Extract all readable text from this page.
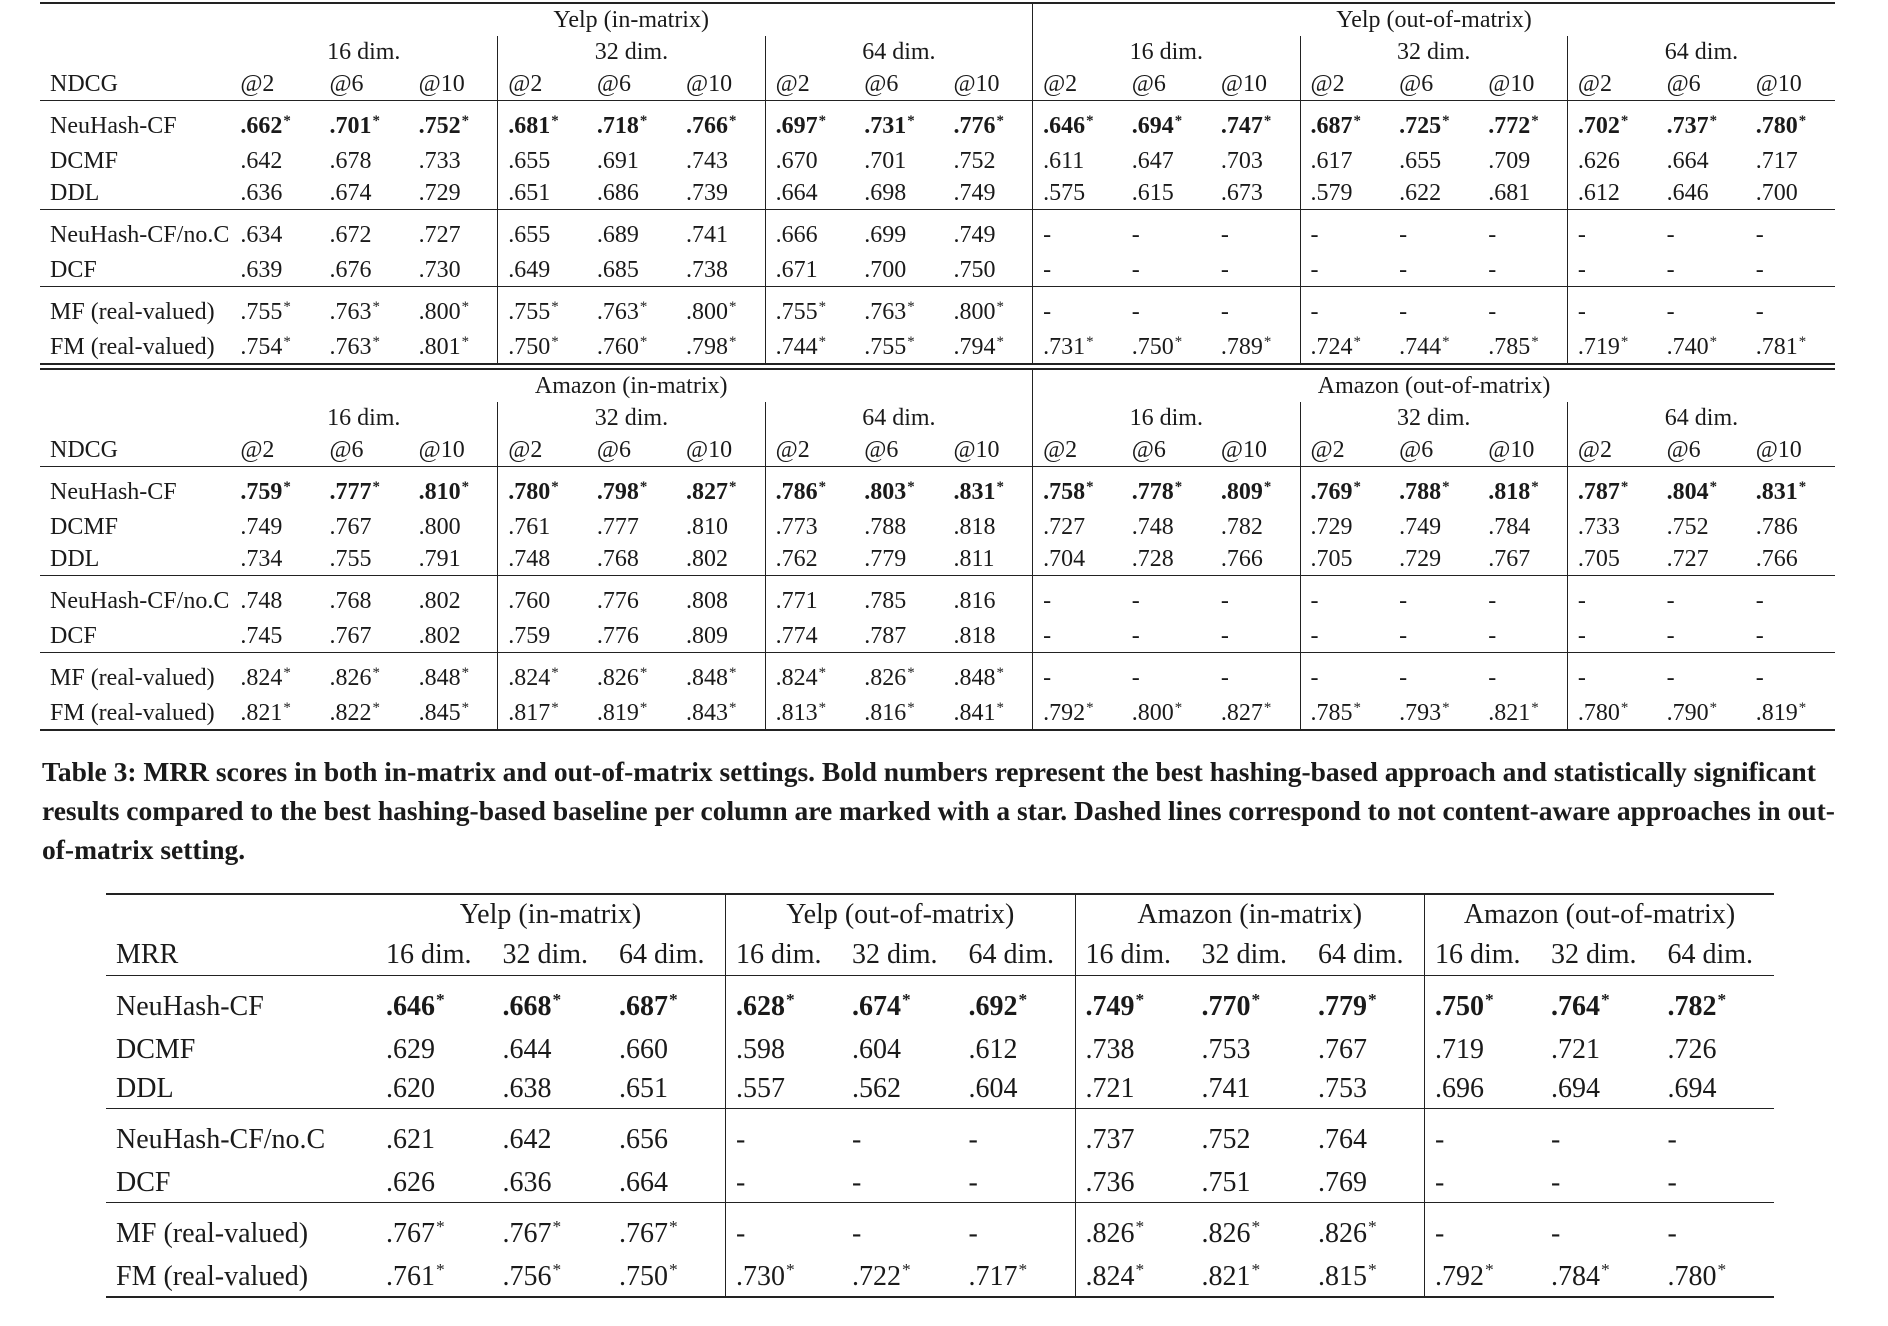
	Yelp (in-matrix)									Yelp (out-of-matrix)								
	16 dim.			32 dim.			64 dim.			16 dim.			32 dim.			64 dim.		
NDCG	@2	@6	@10	@2	@6	@10	@2	@6	@10	@2	@6	@10	@2	@6	@10	@2	@6	@10
NeuHash-CF	.662*	.701*	.752*	.681*	.718*	.766*	.697*	.731*	.776*	.646*	.694*	.747*	.687*	.725*	.772*	.702*	.737*	.780*
DCMF	.642	.678	.733	.655	.691	.743	.670	.701	.752	.611	.647	.703	.617	.655	.709	.626	.664	.717
DDL	.636	.674	.729	.651	.686	.739	.664	.698	.749	.575	.615	.673	.579	.622	.681	.612	.646	.700
NeuHash-CF/no.C	.634	.672	.727	.655	.689	.741	.666	.699	.749	-	-	-	-	-	-	-	-	-
DCF	.639	.676	.730	.649	.685	.738	.671	.700	.750	-	-	-	-	-	-	-	-	-
MF (real-valued)	.755*	.763*	.800*	.755*	.763*	.800*	.755*	.763*	.800*	-	-	-	-	-	-	-	-	-
FM (real-valued)	.754*	.763*	.801*	.750*	.760*	.798*	.744*	.755*	.794*	.731*	.750*	.789*	.724*	.744*	.785*	.719*	.740*	.781*
	Amazon (in-matrix)									Amazon (out-of-matrix)								
	16 dim.			32 dim.			64 dim.			16 dim.			32 dim.			64 dim.		
NDCG	@2	@6	@10	@2	@6	@10	@2	@6	@10	@2	@6	@10	@2	@6	@10	@2	@6	@10
NeuHash-CF	.759*	.777*	.810*	.780*	.798*	.827*	.786*	.803*	.831*	.758*	.778*	.809*	.769*	.788*	.818*	.787*	.804*	.831*
DCMF	.749	.767	.800	.761	.777	.810	.773	.788	.818	.727	.748	.782	.729	.749	.784	.733	.752	.786
DDL	.734	.755	.791	.748	.768	.802	.762	.779	.811	.704	.728	.766	.705	.729	.767	.705	.727	.766
NeuHash-CF/no.C	.748	.768	.802	.760	.776	.808	.771	.785	.816	-	-	-	-	-	-	-	-	-
DCF	.745	.767	.802	.759	.776	.809	.774	.787	.818	-	-	-	-	-	-	-	-	-
MF (real-valued)	.824*	.826*	.848*	.824*	.826*	.848*	.824*	.826*	.848*	-	-	-	-	-	-	-	-	-
FM (real-valued)	.821*	.822*	.845*	.817*	.819*	.843*	.813*	.816*	.841*	.792*	.800*	.827*	.785*	.793*	.821*	.780*	.790*	.819*
Table 3: MRR scores in both in-matrix and out-of-matrix settings. Bold numbers represent the best hashing-based approach and statistically significant results compared to the best hashing-based baseline per column are marked with a star. Dashed lines correspond to not content-aware approaches in out-of-matrix setting.
	Yelp (in-matrix)			Yelp (out-of-matrix)			Amazon (in-matrix)			Amazon (out-of-matrix)		
MRR	16 dim.	32 dim.	64 dim.	16 dim.	32 dim.	64 dim.	16 dim.	32 dim.	64 dim.	16 dim.	32 dim.	64 dim.
NeuHash-CF	.646*	.668*	.687*	.628*	.674*	.692*	.749*	.770*	.779*	.750*	.764*	.782*
DCMF	.629	.644	.660	.598	.604	.612	.738	.753	.767	.719	.721	.726
DDL	.620	.638	.651	.557	.562	.604	.721	.741	.753	.696	.694	.694
NeuHash-CF/no.C	.621	.642	.656	-	-	-	.737	.752	.764	-	-	-
DCF	.626	.636	.664	-	-	-	.736	.751	.769	-	-	-
MF (real-valued)	.767*	.767*	.767*	-	-	-	.826*	.826*	.826*	-	-	-
FM (real-valued)	.761*	.756*	.750*	.730*	.722*	.717*	.824*	.821*	.815*	.792*	.784*	.780*
